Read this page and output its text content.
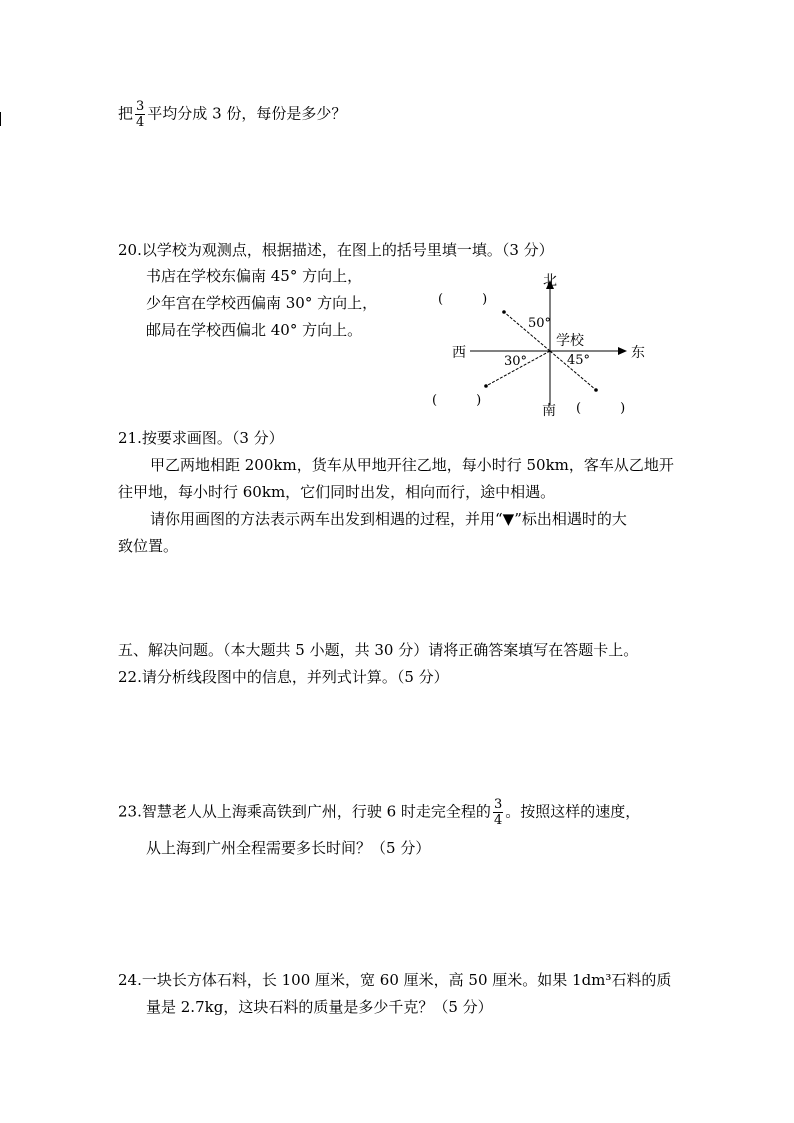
把 $\frac{3}{4}$ 平均分成 3 份，每份是多少？
20.以学校为观测点，根据描述，在图上的括号里填一填。（3 分）
书店在学校东偏南 45° 方向上，
少年宫在学校西偏南 30° 方向上，
邮局在学校西偏北 40° 方向上。
北
南
东
西
学校
50°
30°	45°
(　　　)
(　　　)
(　　　)
21.按要求画图。（3 分）
甲乙两地相距 200km，货车从甲地开往乙地，每小时行 50km，客车从乙地开
往甲地，每小时行 60km，它们同时出发，相向而行，途中相遇。
请你用画图的方法表示两车出发到相遇的过程，并用“▼”标出相遇时的大
致位置。
五、解决问题。（本大题共 5 小题，共 30 分）请将正确答案填写在答题卡上。
22.请分析线段图中的信息，并列式计算。（5 分）
23.智慧老人从上海乘高铁到广州，行驶 6 时走完全程的 $\frac{3}{4}$ 。按照这样的速度，
从上海到广州全程需要多长时间？（5 分）
24.一块长方体石料，长 100 厘米，宽 60 厘米，高 50 厘米。如果 1dm³石料的质
量是 2.7kg，这块石料的质量是多少千克？（5 分）
